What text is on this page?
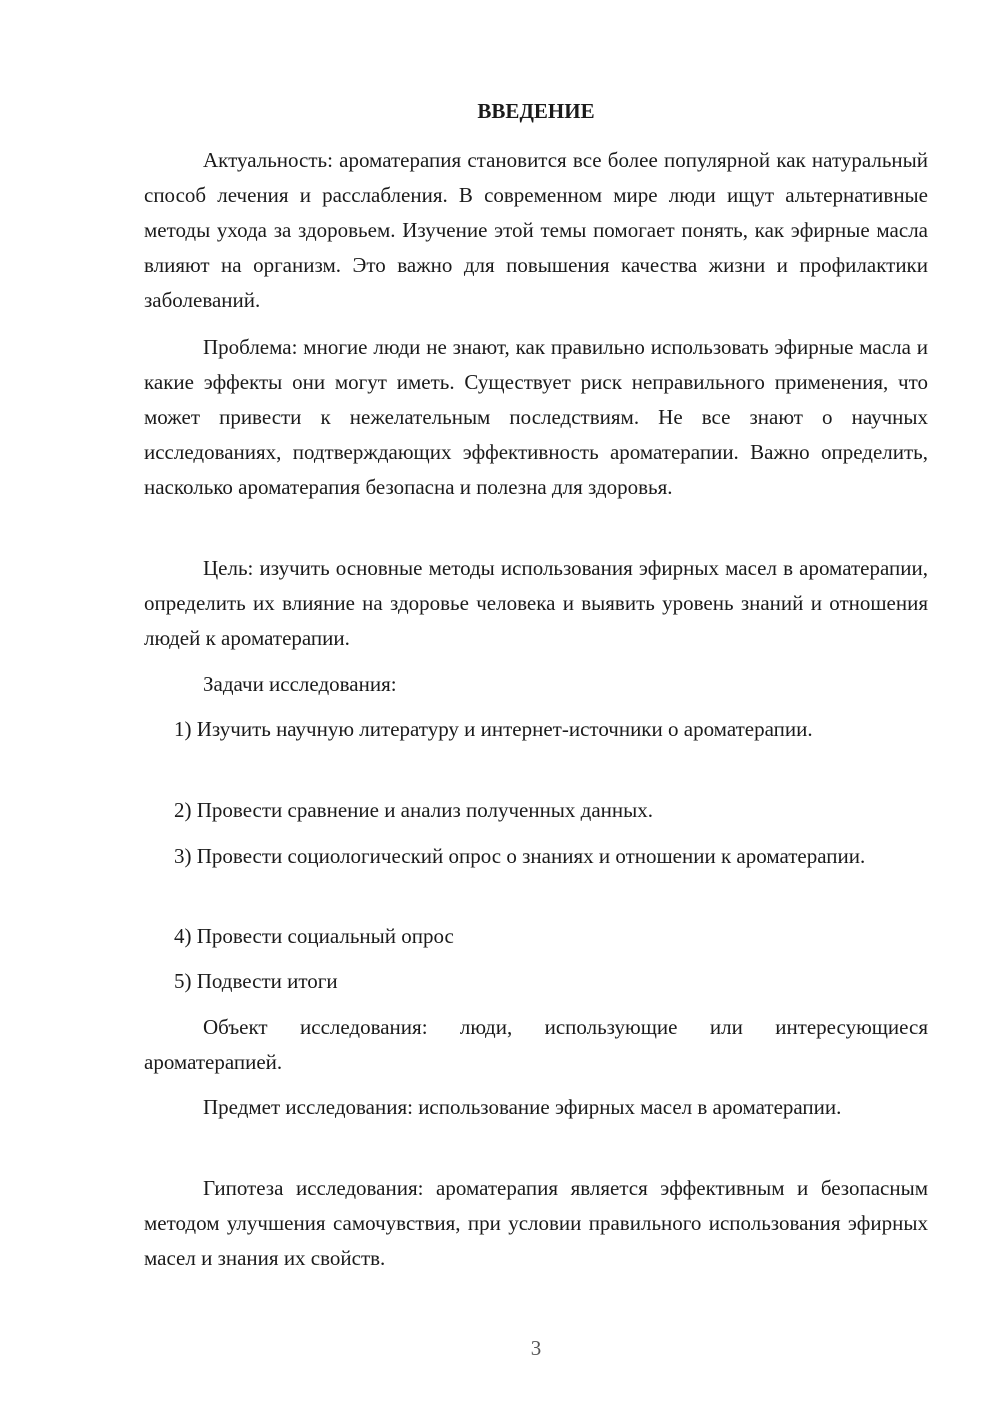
ВВЕДЕНИЕ

Актуальность: ароматерапия становится все более популярной как натуральный способ лечения и расслабления. В современном мире люди ищут альтернативные методы ухода за здоровьем. Изучение этой темы помогает понять, как эфирные масла влияют на организм. Это важно для повышения качества жизни и профилактики заболеваний.

Проблема: многие люди не знают, как правильно использовать эфирные масла и какие эффекты они могут иметь. Существует риск неправильного применения, что может привести к нежелательным последствиям. Не все знают о научных исследованиях, подтверждающих эффективность ароматерапии. Важно определить, насколько ароматерапия безопасна и полезна для здоровья.

Цель: изучить основные методы использования эфирных масел в ароматерапии, определить их влияние на здоровье человека и выявить уровень знаний и отношения людей к ароматерапии.

Задачи исследования:

1) Изучить научную литературу и интернет-источники о ароматерапии.

2) Провести сравнение и анализ полученных данных.

3) Провести социологический опрос о знаниях и отношении к ароматерапии.

4) Провести социальный опрос

5) Подвести итоги

Объект исследования: люди, использующие или интересующиеся ароматерапией.

Предмет исследования: использование эфирных масел в ароматерапии.

Гипотеза исследования: ароматерапия является эффективным и безопасным методом улучшения самочувствия, при условии правильного использования эфирных масел и знания их свойств.

3
